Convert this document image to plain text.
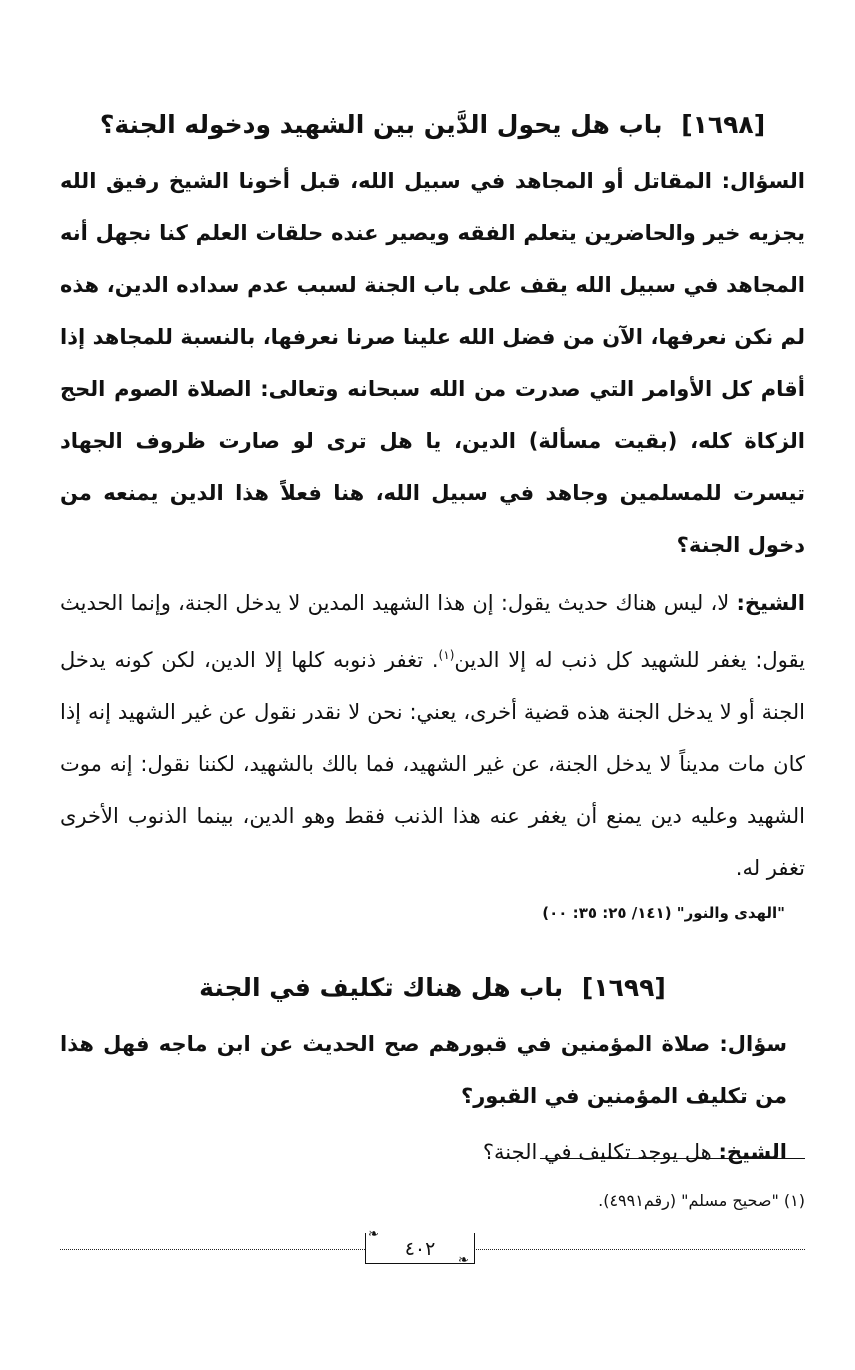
[١٦٩٨] باب هل يحول الدَّين بين الشهيد ودخوله الجنة؟

السؤال: المقاتل أو المجاهد في سبيل الله، قبل أخونا الشيخ رفيق الله يجزيه خير والحاضرين يتعلم الفقه ويصير عنده حلقات العلم كنا نجهل أنه المجاهد في سبيل الله يقف على باب الجنة لسبب عدم سداده الدين، هذه لم نكن نعرفها، الآن من فضل الله علينا صرنا نعرفها، بالنسبة للمجاهد إذا أقام كل الأوامر التي صدرت من الله سبحانه وتعالى: الصلاة الصوم الحج الزكاة كله، (بقيت مسألة) الدين، يا هل ترى لو صارت ظروف الجهاد تيسرت للمسلمين وجاهد في سبيل الله، هنا فعلاً هذا الدين يمنعه من دخول الجنة؟

الشيخ: لا، ليس هناك حديث يقول: إن هذا الشهيد المدين لا يدخل الجنة، وإنما الحديث يقول: يغفر للشهيد كل ذنب له إلا الدين$^{(١)}$. تغفر ذنوبه كلها إلا الدين، لكن كونه يدخل الجنة أو لا يدخل الجنة هذه قضية أخرى، يعني: نحن لا نقدر نقول عن غير الشهيد إنه إذا كان مات مديناً لا يدخل الجنة، عن غير الشهيد، فما بالك بالشهيد، لكننا نقول: إنه موت الشهيد وعليه دين يمنع أن يغفر عنه هذا الذنب فقط وهو الدين، بينما الذنوب الأخرى تغفر له.

"الهدى والنور" (١٤١/ ٢٥: ٣٥: ٠٠)

[١٦٩٩] باب هل هناك تكليف في الجنة

سؤال: صلاة المؤمنين في قبورهم صح الحديث عن ابن ماجه فهل هذا من تكليف المؤمنين في القبور؟

الشيخ: هل يوجد تكليف في الجنة؟

(١) "صحيح مسلم" (رقم٤٩٩١).
٤٠٢
❧
❧
